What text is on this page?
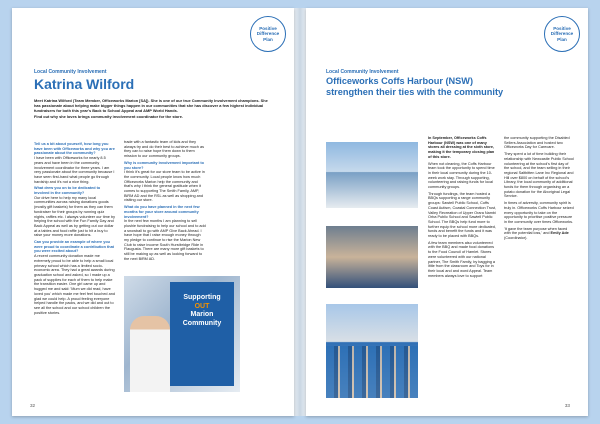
Positive
Difference
Plan
Local Community Involvement
Katrina Wilford

Meet Katrina Wilford (Team Member, Officeworks Marion [SA]). She is one of our true Community Involvement champions. She has passionate about helping make bigger things happen in our communities that she has discover a few highest individual fundraisers for both this year's Back to School Appeal and AMP World Hands.
Find out why she loves brings community involvement coordinator for the store.

Tell us a bit about yourself, how long you have been with Officeworks and why you are passionate about the community?
I have been with Officeworks for nearly 8.5 years and have been in the community involvement coordinator for three years. I am very passionate about the community because I have seen first-hand what people go through hardship and it's not a nice thing.
What drew you on to be dedicated to involved in the community?
Our drive here to help my many local communities across raising donations goods (mostly gift baskets) for them as they can them fundraiser for their groups by running quiz nights, raffles etc. I always volunteer our time by helping the school with the Fun Family Day and Back Appeal as well as by getting out our dollar at a tables and food raffle just to hit a buy to raise your money more donations.
Can you provide an example of where you were proud to coordinate a contribution that you were excited about?
A recent community donation made me extremely proud to be able to help a small local primary school which has a limited socio-economic area. They had a great awards during graduation school and asked, so I made up a pack of supplies for each of them to help make the transition easier. One girl came up and hugged me and said: 'Mum we did read, have loved you' which made me feel feel touched and glad we could help. A proud feeling everyone helped handle the packs, and we did and out to see all the school and our school children the positive stories.
trade with a fantastic team of kids and they always try and do their best to achieve much as they can to raise hope them down to them mission to our community groups.
Why is community involvement important to you store?
I think it's great for our store team to be active in the community. Local people know how much Officeworks Marion help the community and that's why I think the general gratitude when it comes to supporting The Smith Family, AMP, BiRM AD and the RSL as well as shopping and visiting our store.
What do you have planned in the next few months for your store around community involvement?
In the next few months I am planning to sell plushie fundraising to help our school and to add a snowball to go with AMP Give Back Ahead. I have hope that I raise enough money through my pledge to continue to rise the Marion New Club to raise income South Hurstbridge Ride in Flaugusta. There are many more gift baskets to still be making up as well as looking forward to the next BiRM AD.
Supporting
OUT
Marion
Community
32
Positive
Difference
Plan
Local Community Involvement
Officeworks Coffs Harbour (NSW)
strengthen their ties with the community
In September, Officeworks Coffs Harbour (NSW) was one of many stores all dressing at the sixth store, making it the temporary closing plan of this store.
When not cleaning, the Coffs Harbour team took the opportunity to spend time in their local community during the 10-week work stay. Through supporting, volunteering and raising funds for local community groups.
Through fundings, the team hosted a BBQs supporting a range community groups: Sawtell Public School, Coffs Coast Autism, Coastal Connection Trust, Valley Recreation of Upper Orara Nambi Orba Public School and Sawtell Public School. The BBQs help fund more to further equip the school more dedicated, funds and benefit the funds and it was ready to be placed with BBQs.
A few team members also volunteered with the BBQ and made food donations to the Food Council of Hamlet. Stores were volunteered with our national partner, The Smith Family, by bagging a little from the classroom and Toys for in their local and and word Appeal. Team members always love to support
the community supporting the Disabled Sellers Association and hosted two Officeworks Day for Carecare.
They spent a lot of time building their relationship with Newcastle Public School volunteering at the school's first day of the school, and the team selling in their regional Saltbitten Lane Inc Regional and Hill over $800 on behalf of the school's Library, the local community of additional funds for them through organising an a potato donation for the Aboriginal Legal Service.
In times of adversity, community spirit is truly in. Officeworks Coffs Harbour seized every opportunity to take on the opportunity to prioritise positive pressure in the community over times Officeworks.
'It gave the team purpose when faced with the potential loss,' and Emily Ade (Coordinator).
33
